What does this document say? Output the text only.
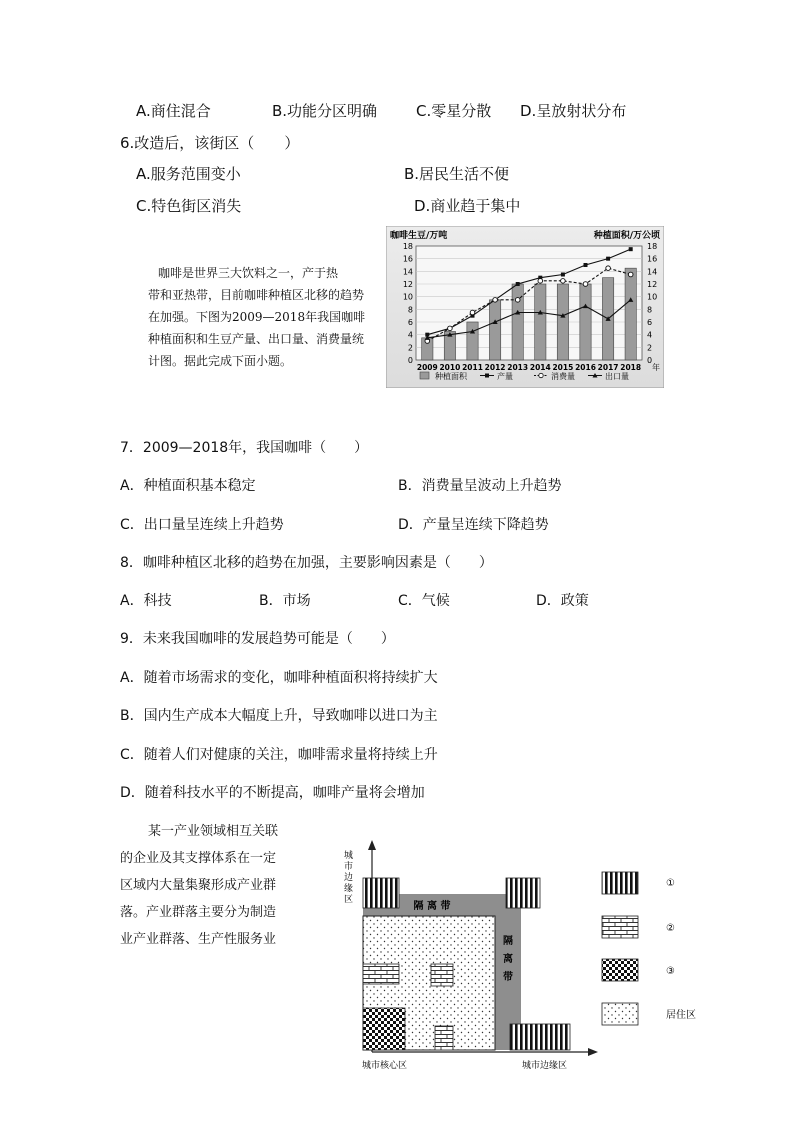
A.商住混合	B.功能分区明确	C.零星分散 D.呈放射状分布
6.改造后，该街区（　　）
A.服务范围变小	B.居民生活不便
C.特色街区消失	D.商业趋于集中
咖啡是世界三大饮料之一，产于热
带和亚热带，目前咖啡种植区北移的趋势
在加强。下图为2009—2018年我国咖啡
种植面积和生豆产量、出口量、消费量统
计图。据此完成下面小题。
咖啡生豆/万吨	种植面积/万公顷
0	0
2	2
4	4
6	6
8	8
10	10
12	12
14	14
16	16
18	18
2009 2010 2011 2012 2013 2014 2015 2016 2017 2018 年
种植面积	产量	消费量	出口量
7．2009—2018年，我国咖啡（　　）
A．种植面积基本稳定	B．消费量呈波动上升趋势
C．出口量呈连续上升趋势	D．产量呈连续下降趋势
8．咖啡种植区北移的趋势在加强，主要影响因素是（　　）
A．科技	B．市场	C．气候	D．政策
9．未来我国咖啡的发展趋势可能是（　　）
A．随着市场需求的变化，咖啡种植面积将持续扩大
B．国内生产成本大幅度上升，导致咖啡以进口为主
C．随着人们对健康的关注，咖啡需求量将持续上升
D．随着科技水平的不断提高，咖啡产量将会增加
某一产业领域相互关联
的企业及其支撑体系在一定
区域内大量集聚形成产业群
落。产业群落主要分为制造
业产业群落、生产性服务业
城
市
边
缘
区
城市核心区	城市边缘区
隔 离 带
隔
离
带
①
②
③
居住区
